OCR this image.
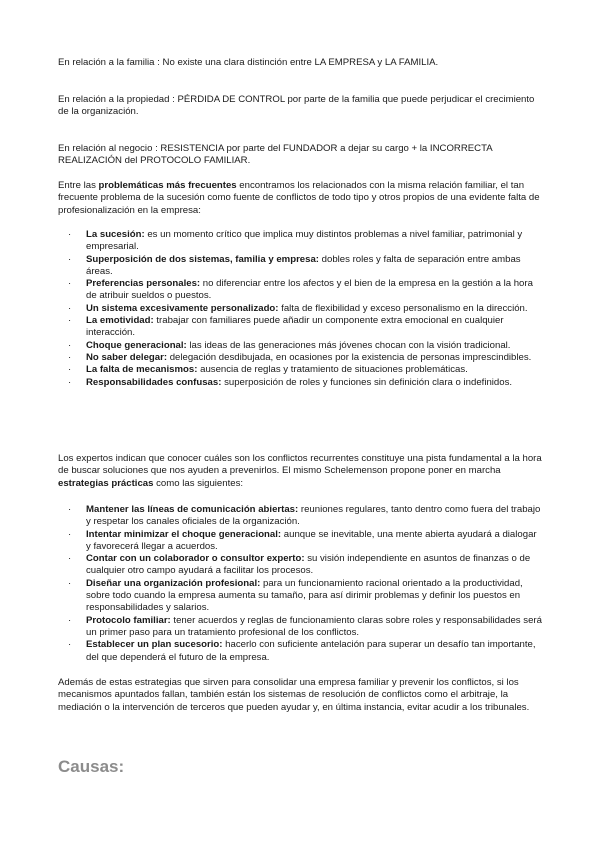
En relación a la familia : No existe una clara distinción entre LA EMPRESA y LA FAMILIA.

En relación a la propiedad : PÉRDIDA DE CONTROL por parte de la familia que puede perjudicar el crecimiento de la organización.

En relación al negocio : RESISTENCIA por parte del FUNDADOR a dejar su cargo + la INCORRECTA REALIZACIÓN del PROTOCOLO FAMILIAR.

Entre las problemáticas más frecuentes encontramos los relacionados con la misma relación familiar, el tan frecuente problema de la sucesión como fuente de conflictos de todo tipo y otros propios de una evidente falta de profesionalización en la empresa:

· La sucesión: es un momento crítico que implica muy distintos problemas a nivel familiar, patrimonial y empresarial.
· Superposición de dos sistemas, familia y empresa: dobles roles y falta de separación entre ambas áreas.
· Preferencias personales: no diferenciar entre los afectos y el bien de la empresa en la gestión a la hora de atribuir sueldos o puestos.
· Un sistema excesivamente personalizado: falta de flexibilidad y exceso personalismo en la dirección.
· La emotividad: trabajar con familiares puede añadir un componente extra emocional en cualquier interacción.
· Choque generacional: las ideas de las generaciones más jóvenes chocan con la visión tradicional.
· No saber delegar: delegación desdibujada, en ocasiones por la existencia de personas imprescindibles.
· La falta de mecanismos: ausencia de reglas y tratamiento de situaciones problemáticas.
· Responsabilidades confusas: superposición de roles y funciones sin definición clara o indefinidos.

Los expertos indican que conocer cuáles son los conflictos recurrentes constituye una pista fundamental a la hora de buscar soluciones que nos ayuden a prevenirlos. El mismo Schelemenson propone poner en marcha estrategias prácticas como las siguientes:

· Mantener las líneas de comunicación abiertas: reuniones regulares, tanto dentro como fuera del trabajo y respetar los canales oficiales de la organización.
· Intentar minimizar el choque generacional: aunque se inevitable, una mente abierta ayudará a dialogar y favorecerá llegar a acuerdos.
· Contar con un colaborador o consultor experto: su visión independiente en asuntos de finanzas o de cualquier otro campo ayudará a facilitar los procesos.
· Diseñar una organización profesional: para un funcionamiento racional orientado a la productividad, sobre todo cuando la empresa aumenta su tamaño, para así dirimir problemas y definir los puestos en responsabilidades y salarios.
· Protocolo familiar: tener acuerdos y reglas de funcionamiento claras sobre roles y responsabilidades será un primer paso para un tratamiento profesional de los conflictos.
· Establecer un plan sucesorio: hacerlo con suficiente antelación para superar un desafío tan importante, del que dependerá el futuro de la empresa.

Además de estas estrategias que sirven para consolidar una empresa familiar y prevenir los conflictos, si los mecanismos apuntados fallan, también están los sistemas de resolución de conflictos como el arbitraje, la mediación o la intervención de terceros que pueden ayudar y, en última instancia, evitar acudir a los tribunales.

Causas:
